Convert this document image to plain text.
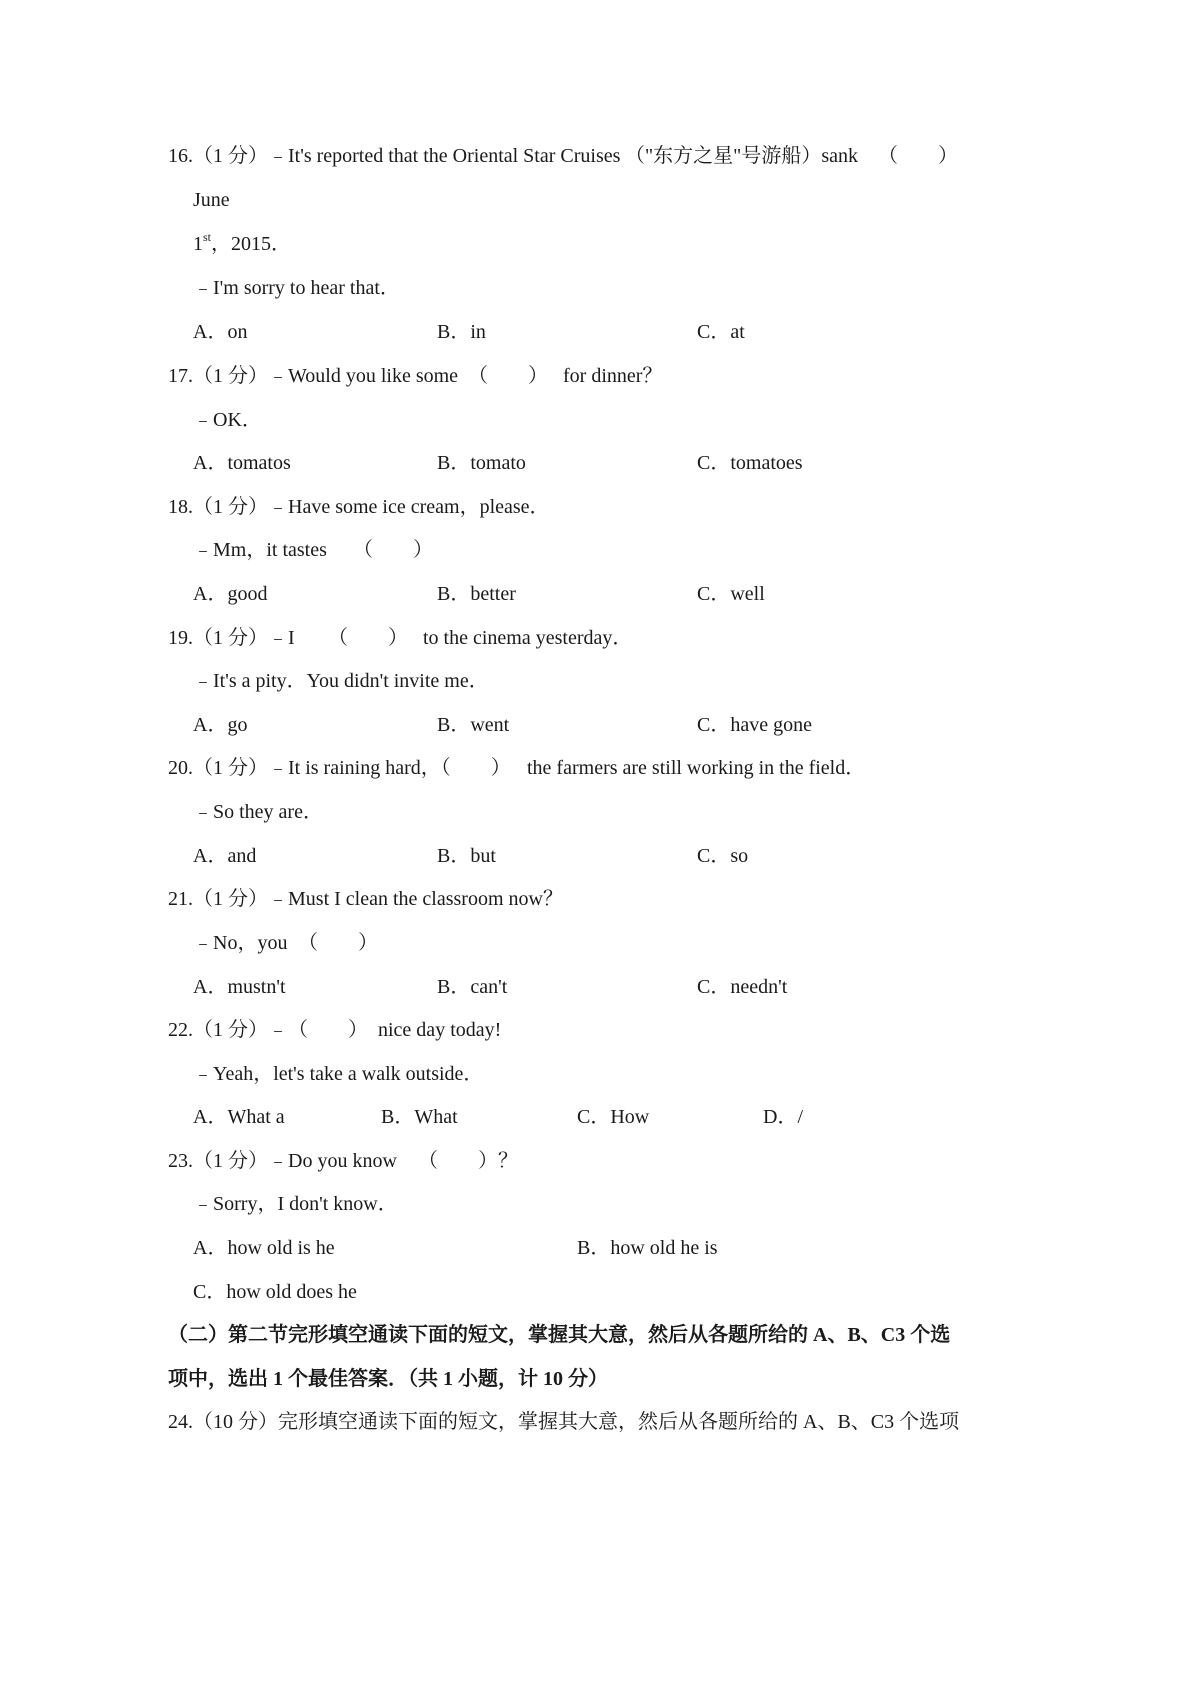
16.（1 分）﹣It's reported that the Oriental Star Cruises （"东方之星"号游船）sank （　　）
June
1st，2015．
﹣I'm sorry to hear that．
A．on	B．in	C．at
17.（1 分）﹣Would you like some （　　） for dinner？
﹣OK．
A．tomatos	B．tomato	C．tomatoes
18.（1 分）﹣Have some ice cream，please．
﹣Mm，it tastes （　　）
A．good	B．better	C．well
19.（1 分）﹣I （　　） to the cinema yesterday．
﹣It's a pity．You didn't invite me．
A．go	B．went	C．have gone
20.（1 分）﹣It is raining hard，（　　） the farmers are still working in the field．
﹣So they are．
A．and	B．but	C．so
21.（1 分）﹣Must I clean the classroom now？
﹣No，you （　　）
A．mustn't	B．can't	C．needn't
22.（1 分）﹣（　　） nice day today!
﹣Yeah，let's take a walk outside．
A．What a	B．What	C．How	D．/
23.（1 分）﹣Do you know （　　）？
﹣Sorry，I don't know．
A．how old is he	B．how old he is
C．how old does he
（二）第二节完形填空通读下面的短文，掌握其大意，然后从各题所给的 A、B、C3 个选
项中，选出 1 个最佳答案．（共 1 小题，计 10 分）
24.（10 分）完形填空通读下面的短文，掌握其大意，然后从各题所给的 A、B、C3 个选项
